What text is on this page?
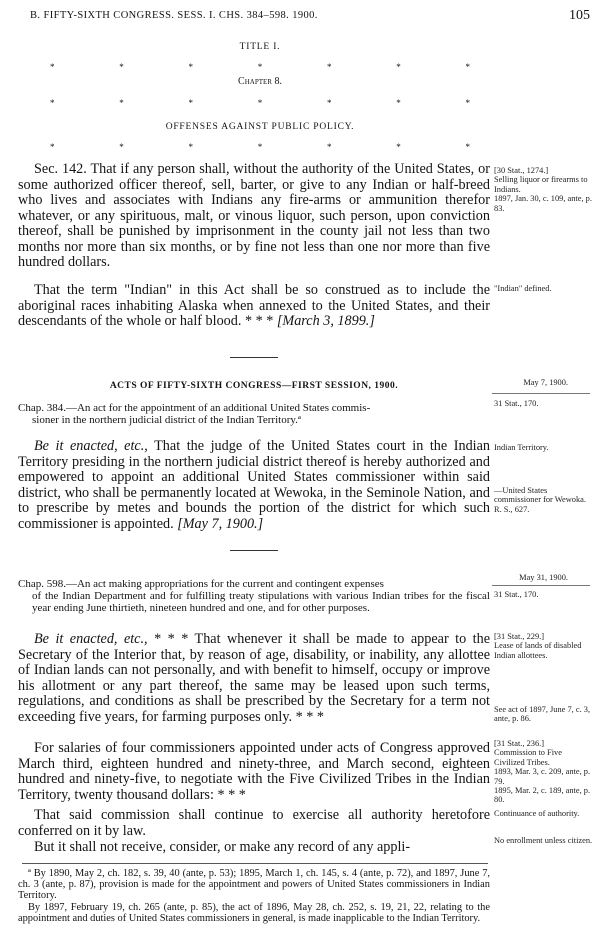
B. FIFTY-SIXTH CONGRESS. SESS. I. CHS. 384–598. 1900.	105
TITLE I.
*	*	*	*	*	*	*
Chapter 8.
*	*	*	*	*	*	*
OFFENSES AGAINST PUBLIC POLICY.
*	*	*	*	*	*	*
Sec. 142. That if any person shall, without the authority of the United States, or some authorized officer thereof, sell, barter, or give to any Indian or half-breed who lives and associates with Indians any fire-arms or ammunition therefor whatever, or any spirituous, malt, or vinous liquor, such person, upon conviction thereof, shall be punished by imprisonment in the county jail not less than two months nor more than six months, or by fine not less than one nor more than five hundred dollars.
That the term "Indian" in this Act shall be so construed as to include the aboriginal races inhabiting Alaska when annexed to the United States, and their descendants of the whole or half blood. * * * [March 3, 1899.]
[30 Stat., 1274.]
Selling liquor or firearms to Indians.
1897, Jan. 30, c. 109, ante, p. 83.
"Indian" defined.
ACTS OF FIFTY-SIXTH CONGRESS—FIRST SESSION, 1900.	May 7, 1900.
31 Stat., 170.
Chap. 384.—An act for the appointment of an additional United States commis-
sioner in the northern judicial district of the Indian Territory.ª
Be it enacted, etc., That the judge of the United States court in the Indian Territory presiding in the northern judicial district thereof is hereby authorized and empowered to appoint an additional United States commissioner within said district, who shall be permanently located at Wewoka, in the Seminole Nation, and to prescribe by metes and bounds the portion of the district for which such commissioner is appointed. [May 7, 1900.]
Indian Territory.
—United States commissioner for Wewoka.
R. S., 627.
May 31, 1900.
31 Stat., 170.
Chap. 598.—An act making appropriations for the current and contingent expenses
of the Indian Department and for fulfilling treaty stipulations with various Indian tribes for the fiscal year ending June thirtieth, nineteen hundred and one, and for other purposes.
Be it enacted, etc., * * * That whenever it shall be made to appear to the Secretary of the Interior that, by reason of age, disability, or inability, any allottee of Indian lands can not personally, and with benefit to himself, occupy or improve his allotment or any part thereof, the same may be leased upon such terms, regulations, and conditions as shall be prescribed by the Secretary for a term not exceeding five years, for farming purposes only. * * *
For salaries of four commissioners appointed under acts of Congress approved March third, eighteen hundred and ninety-three, and March second, eighteen hundred and ninety-five, to negotiate with the Five Civilized Tribes in the Indian Territory, twenty thousand dollars: * * *
That said commission shall continue to exercise all authority heretofore conferred on it by law.
But it shall not receive, consider, or make any record of any appli-
[31 Stat., 229.]
Lease of lands of disabled Indian allottees.
See act of 1897, June 7, c. 3, ante, p. 86.
[31 Stat., 236.]
Commission to Five Civilized Tribes.
1893, Mar. 3, c. 209, ante, p. 79.
1895, Mar. 2, c. 189, ante, p. 80.
Continuance of authority.
No enrollment unless citizen.

ª By 1890, May 2, ch. 182, s. 39, 40 (ante, p. 53); 1895, March 1, ch. 145, s. 4 (ante, p. 72), and 1897, June 7, ch. 3 (ante, p. 87), provision is made for the appointment and powers of United States commissioners in Indian Territory.

By 1897, February 19, ch. 265 (ante, p. 85), the act of 1896, May 28, ch. 252, s. 19, 21, 22, relating to the appointment and duties of United States commissioners in general, is made inapplicable to the Indian Territory.
